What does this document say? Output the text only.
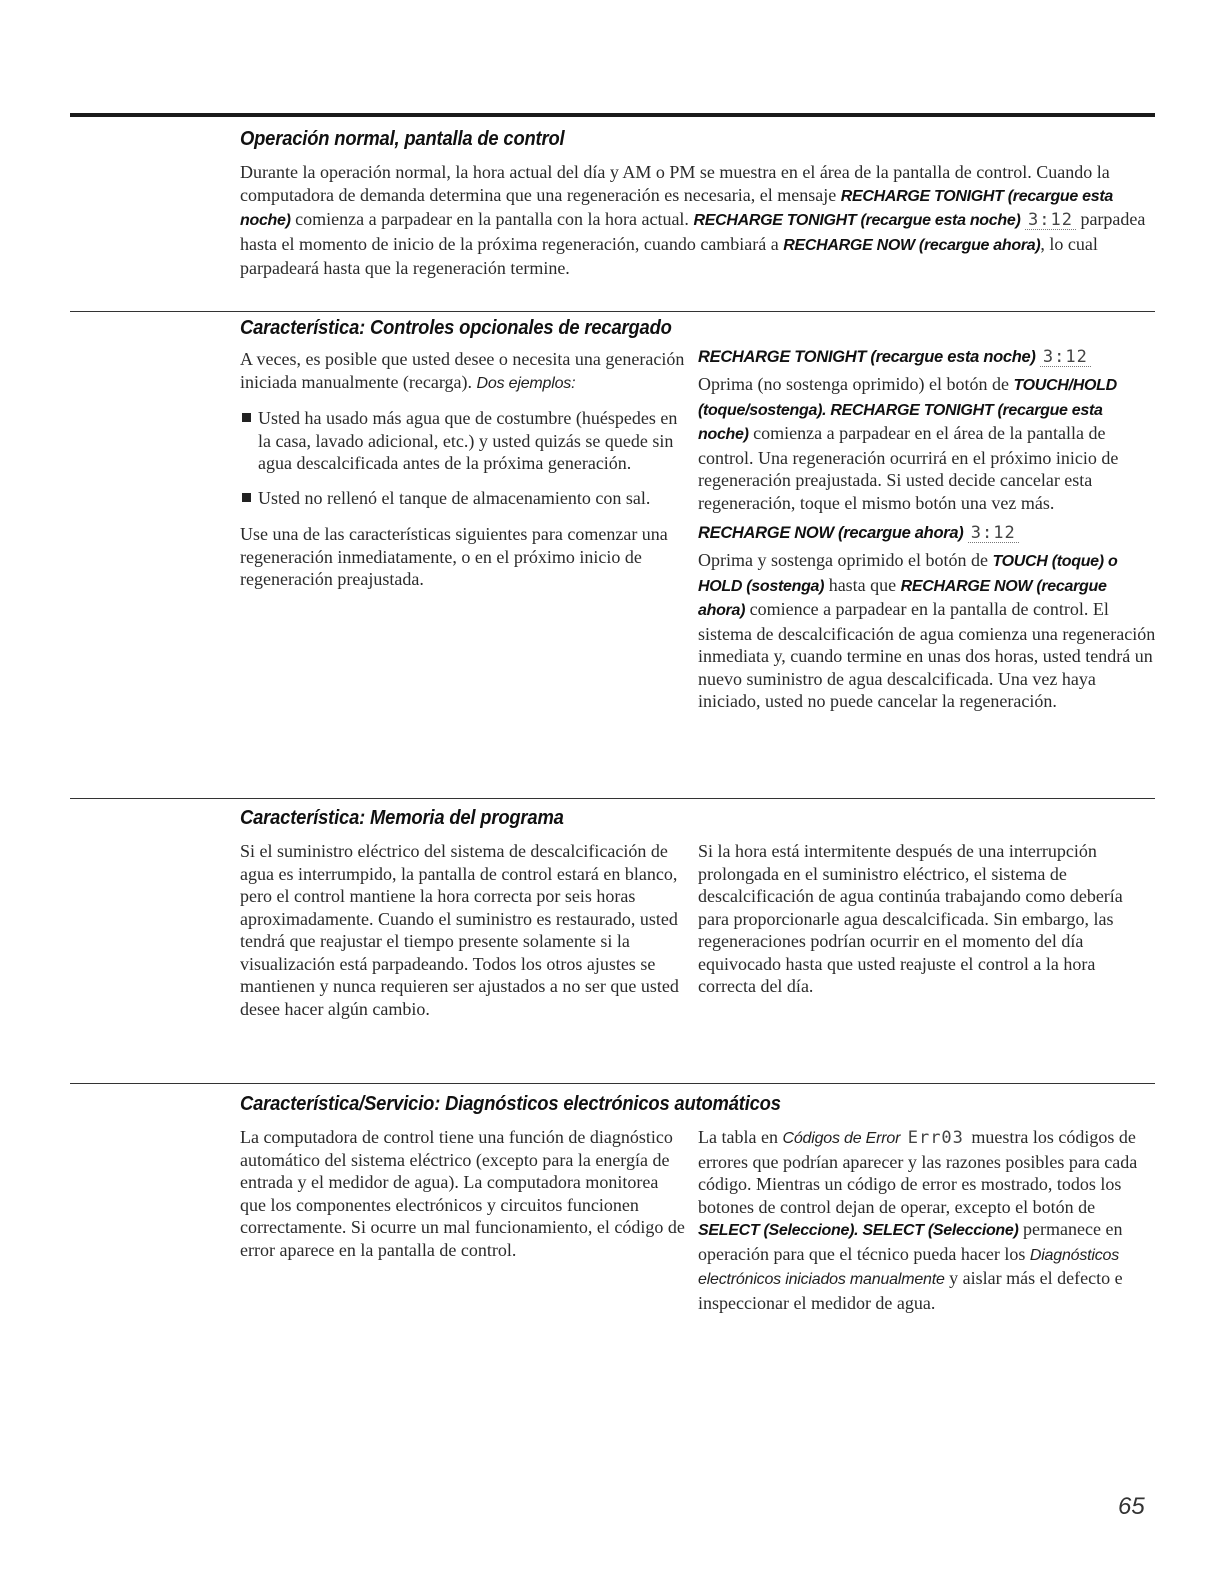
Operación normal, pantalla de control

Durante la operación normal, la hora actual del día y AM o PM se muestra en el área de la pantalla de control. Cuando la computadora de demanda determina que una regeneración es necesaria, el mensaje RECHARGE TONIGHT (recargue esta noche) comienza a parpadear en la pantalla con la hora actual. RECHARGE TONIGHT (recargue esta noche) 3:12 parpadea hasta el momento de inicio de la próxima regeneración, cuando cambiará a RECHARGE NOW (recargue ahora), lo cual parpadeará hasta que la regeneración termine.

Característica: Controles opcionales de recargado

A veces, es posible que usted desee o necesita una generación iniciada manualmente (recarga). Dos ejemplos:

Usted ha usado más agua que de costumbre (huéspedes en la casa, lavado adicional, etc.) y usted quizás se quede sin agua descalcificada antes de la próxima generación.
Usted no rellenó el tanque de almacenamiento con sal.

Use una de las características siguientes para comenzar una regeneración inmediatamente, o en el próximo inicio de regeneración preajustada.

RECHARGE TONIGHT (recargue esta noche) 3:12

Oprima (no sostenga oprimido) el botón de TOUCH/HOLD (toque/sostenga). RECHARGE TONIGHT (recargue esta noche) comienza a parpadear en el área de la pantalla de control. Una regeneración ocurrirá en el próximo inicio de regeneración preajustada. Si usted decide cancelar esta regeneración, toque el mismo botón una vez más.

RECHARGE NOW (recargue ahora) 3:12

Oprima y sostenga oprimido el botón de TOUCH (toque) o HOLD (sostenga) hasta que RECHARGE NOW (recargue ahora) comience a parpadear en la pantalla de control. El sistema de descalcificación de agua comienza una regeneración inmediata y, cuando termine en unas dos horas, usted tendrá un nuevo suministro de agua descalcificada. Una vez haya iniciado, usted no puede cancelar la regeneración.

Característica: Memoria del programa

Si el suministro eléctrico del sistema de descalcificación de agua es interrumpido, la pantalla de control estará en blanco, pero el control mantiene la hora correcta por seis horas aproximadamente. Cuando el suministro es restaurado, usted tendrá que reajustar el tiempo presente solamente si la visualización está parpadeando. Todos los otros ajustes se mantienen y nunca requieren ser ajustados a no ser que usted desee hacer algún cambio.

Si la hora está intermitente después de una interrupción prolongada en el suministro eléctrico, el sistema de descalcificación de agua continúa trabajando como debería para proporcionarle agua descalcificada. Sin embargo, las regeneraciones podrían ocurrir en el momento del día equivocado hasta que usted reajuste el control a la hora correcta del día.

Característica/Servicio: Diagnósticos electrónicos automáticos

La computadora de control tiene una función de diagnóstico automático del sistema eléctrico (excepto para la energía de entrada y el medidor de agua). La computadora monitorea que los componentes electrónicos y circuitos funcionen correctamente. Si ocurre un mal funcionamiento, el código de error aparece en la pantalla de control.

La tabla en Códigos de Error Err03 muestra los códigos de errores que podrían aparecer y las razones posibles para cada código. Mientras un código de error es mostrado, todos los botones de control dejan de operar, excepto el botón de SELECT (Seleccione). SELECT (Seleccione) permanece en operación para que el técnico pueda hacer los Diagnósticos electrónicos iniciados manualmente y aislar más el defecto e inspeccionar el medidor de agua.

65
